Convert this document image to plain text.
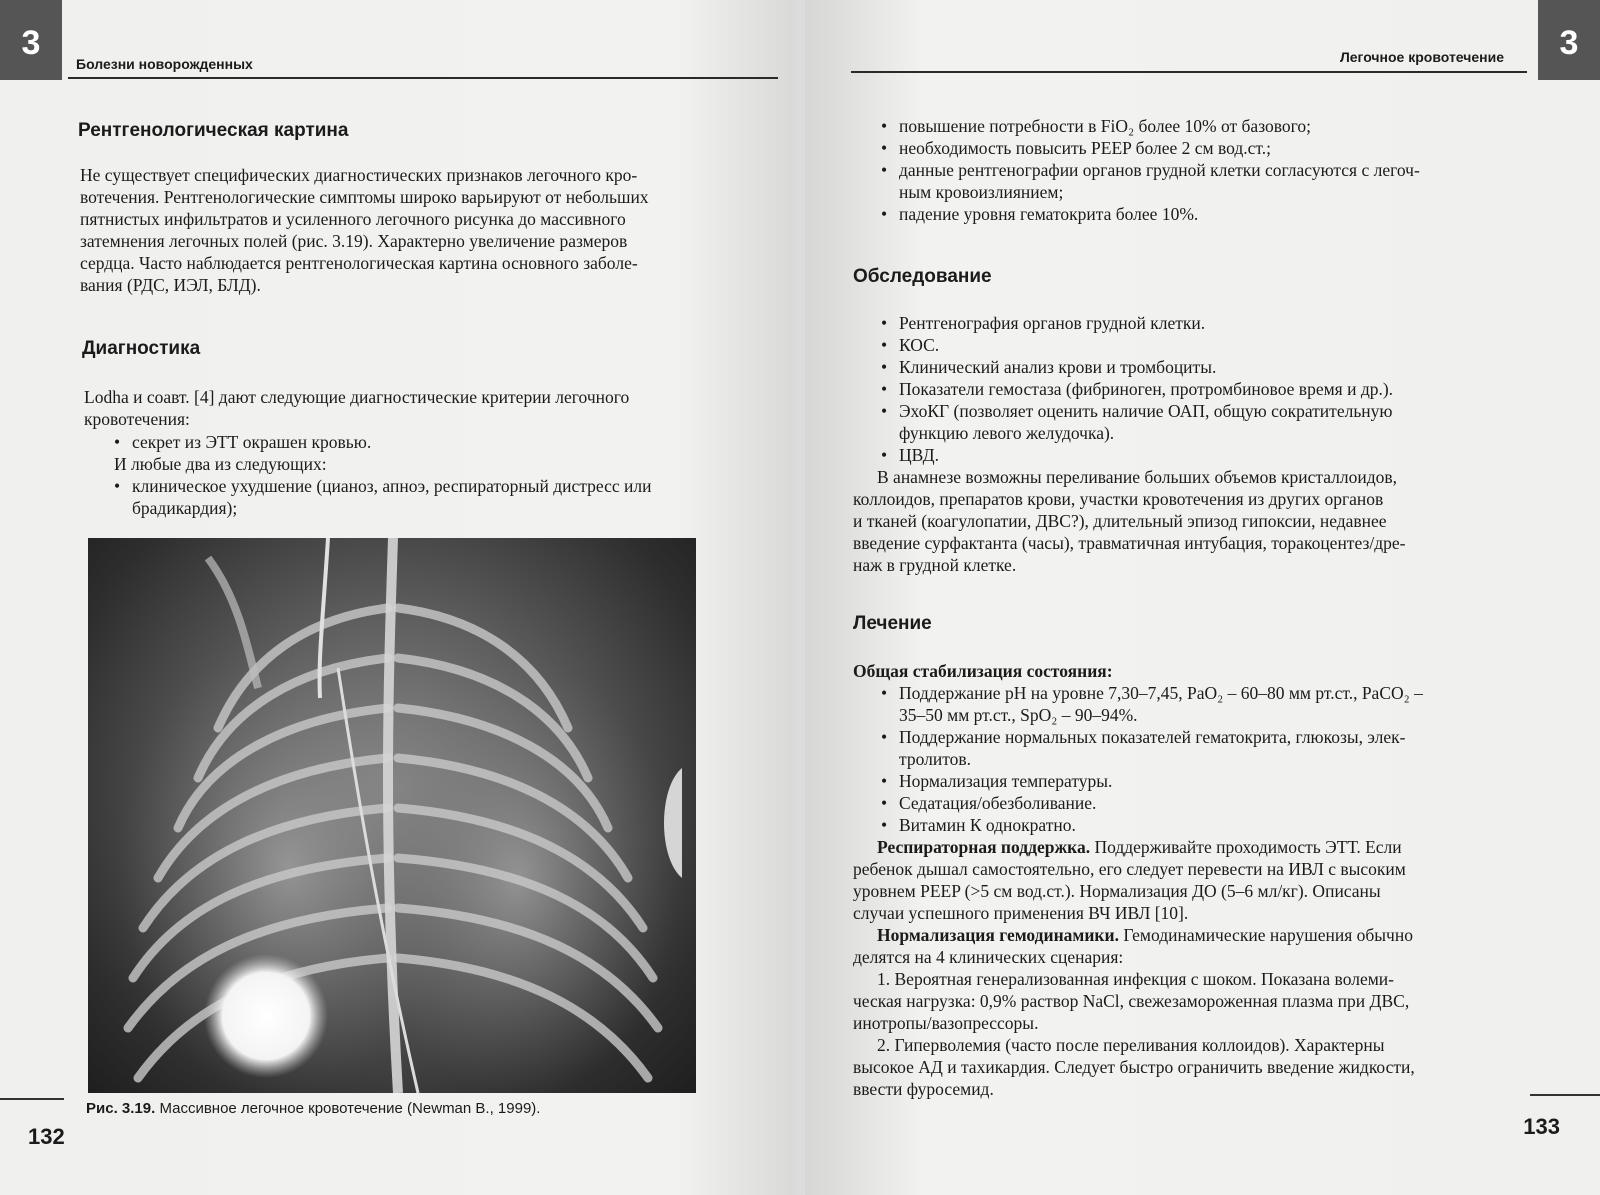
3
Болезни новорожденных
Рентгенологическая картина
Не существует специфических диагностических признаков легочного кро-
вотечения. Рентгенологические симптомы широко варьируют от небольших
пятнистых инфильтратов и усиленного легочного рисунка до массивного
затемнения легочных полей (рис. 3.19). Характерно увеличение размеров
сердца. Часто наблюдается рентгенологическая картина основного заболе-
вания (РДС, ИЭЛ, БЛД).
Диагностика
Lodha и соавт. [4] дают следующие диагностические критерии легочного
кровотечения:
• секрет из ЭТТ окрашен кровью.
И любые два из следующих:
• клиническое ухудшение (цианоз, апноэ, респираторный дистресс или
брадикардия);
Рис. 3.19. Массивное легочное кровотечение (Newman B., 1999).
132
3
Легочное кровотечение
• повышение потребности в FiO₂ более 10% от базового;
• необходимость повысить PEEP более 2 см вод.ст.;
• данные рентгенографии органов грудной клетки согласуются с легоч-
ным кровоизлиянием;
• падение уровня гематокрита более 10%.
Обследование
• Рентгенография органов грудной клетки.
• КОС.
• Клинический анализ крови и тромбоциты.
• Показатели гемостаза (фибриноген, протромбиновое время и др.).
• ЭхоКГ (позволяет оценить наличие ОАП, общую сократительную
функцию левого желудочка).
• ЦВД.
В анамнезе возможны переливание больших объемов кристаллоидов,
коллоидов, препаратов крови, участки кровотечения из других органов
и тканей (коагулопатии, ДВС?), длительный эпизод гипоксии, недавнее
введение сурфактанта (часы), травматичная интубация, торакоцентез/дре-
наж в грудной клетке.
Лечение
Общая стабилизация состояния:
• Поддержание pH на уровне 7,30–7,45, PaO₂ – 60–80 мм рт.ст., PaCO₂ –
35–50 мм рт.ст., SpO₂ – 90–94%.
• Поддержание нормальных показателей гематокрита, глюкозы, элек-
тролитов.
• Нормализация температуры.
• Седатация/обезболивание.
• Витамин К однократно.
Респираторная поддержка. Поддерживайте проходимость ЭТТ. Если
ребенок дышал самостоятельно, его следует перевести на ИВЛ с высоким
уровнем PEEP (>5 см вод.ст.). Нормализация ДО (5–6 мл/кг). Описаны
случаи успешного применения ВЧ ИВЛ [10].
Нормализация гемодинамики. Гемодинамические нарушения обычно
делятся на 4 клинических сценария:
1. Вероятная генерализованная инфекция с шоком. Показана волеми-
ческая нагрузка: 0,9% раствор NaCl, свежезамороженная плазма при ДВС,
инотропы/вазопрессоры.
2. Гиперволемия (часто после переливания коллоидов). Характерны
высокое АД и тахикардия. Следует быстро ограничить введение жидкости,
ввести фуросемид.
133
